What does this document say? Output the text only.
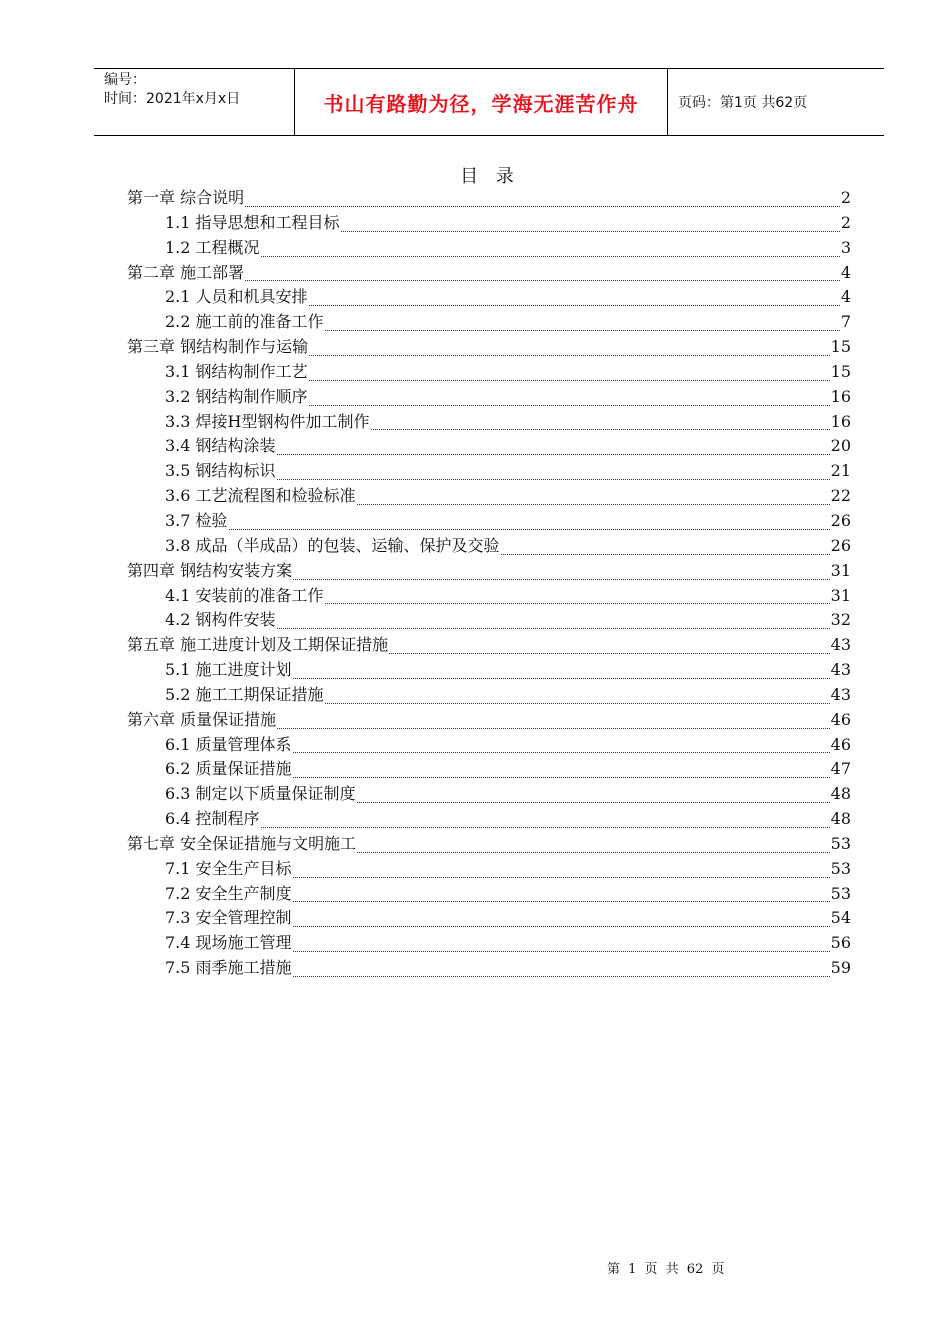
编号：
时间：2021年x月x日	书山有路勤为径，学海无涯苦作舟	页码：第1页 共62页
目 录
第一章 综合说明	2
1.1 指导思想和工程目标	2
1.2 工程概况	3
第二章 施工部署	4
2.1 人员和机具安排	4
2.2 施工前的准备工作	7
第三章 钢结构制作与运输	15
3.1 钢结构制作工艺	15
3.2 钢结构制作顺序	16
3.3 焊接H型钢构件加工制作	16
3.4 钢结构涂装	20
3.5 钢结构标识	21
3.6 工艺流程图和检验标准	22
3.7 检验	26
3.8 成品（半成品）的包装、运输、保护及交验	26
第四章 钢结构安装方案	31
4.1 安装前的准备工作	31
4.2 钢构件安装	32
第五章 施工进度计划及工期保证措施	43
5.1 施工进度计划	43
5.2 施工工期保证措施	43
第六章 质量保证措施	46
6.1 质量管理体系	46
6.2 质量保证措施	47
6.3 制定以下质量保证制度	48
6.4 控制程序	48
第七章 安全保证措施与文明施工	53
7.1 安全生产目标	53
7.2 安全生产制度	53
7.3 安全管理控制	54
7.4 现场施工管理	56
7.5 雨季施工措施	59
第 1 页 共 62 页
